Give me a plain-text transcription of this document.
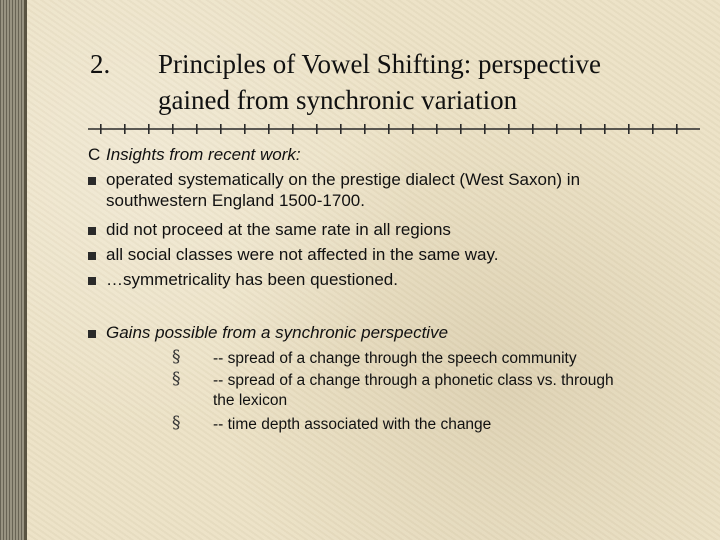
2. Principles of Vowel Shifting: perspective
gained from synchronic variation
C Insights from recent work:
operated systematically on the prestige dialect (West Saxon) in
southwestern England 1500-1700.
did not proceed at the same rate in all regions
all social classes were not affected in the same way.
…symmetricality has been questioned.
Gains possible from a synchronic perspective
§ -- spread of a change through the speech community
§ -- spread of a change through a phonetic class vs. through
the lexicon
§ -- time depth associated with the change
